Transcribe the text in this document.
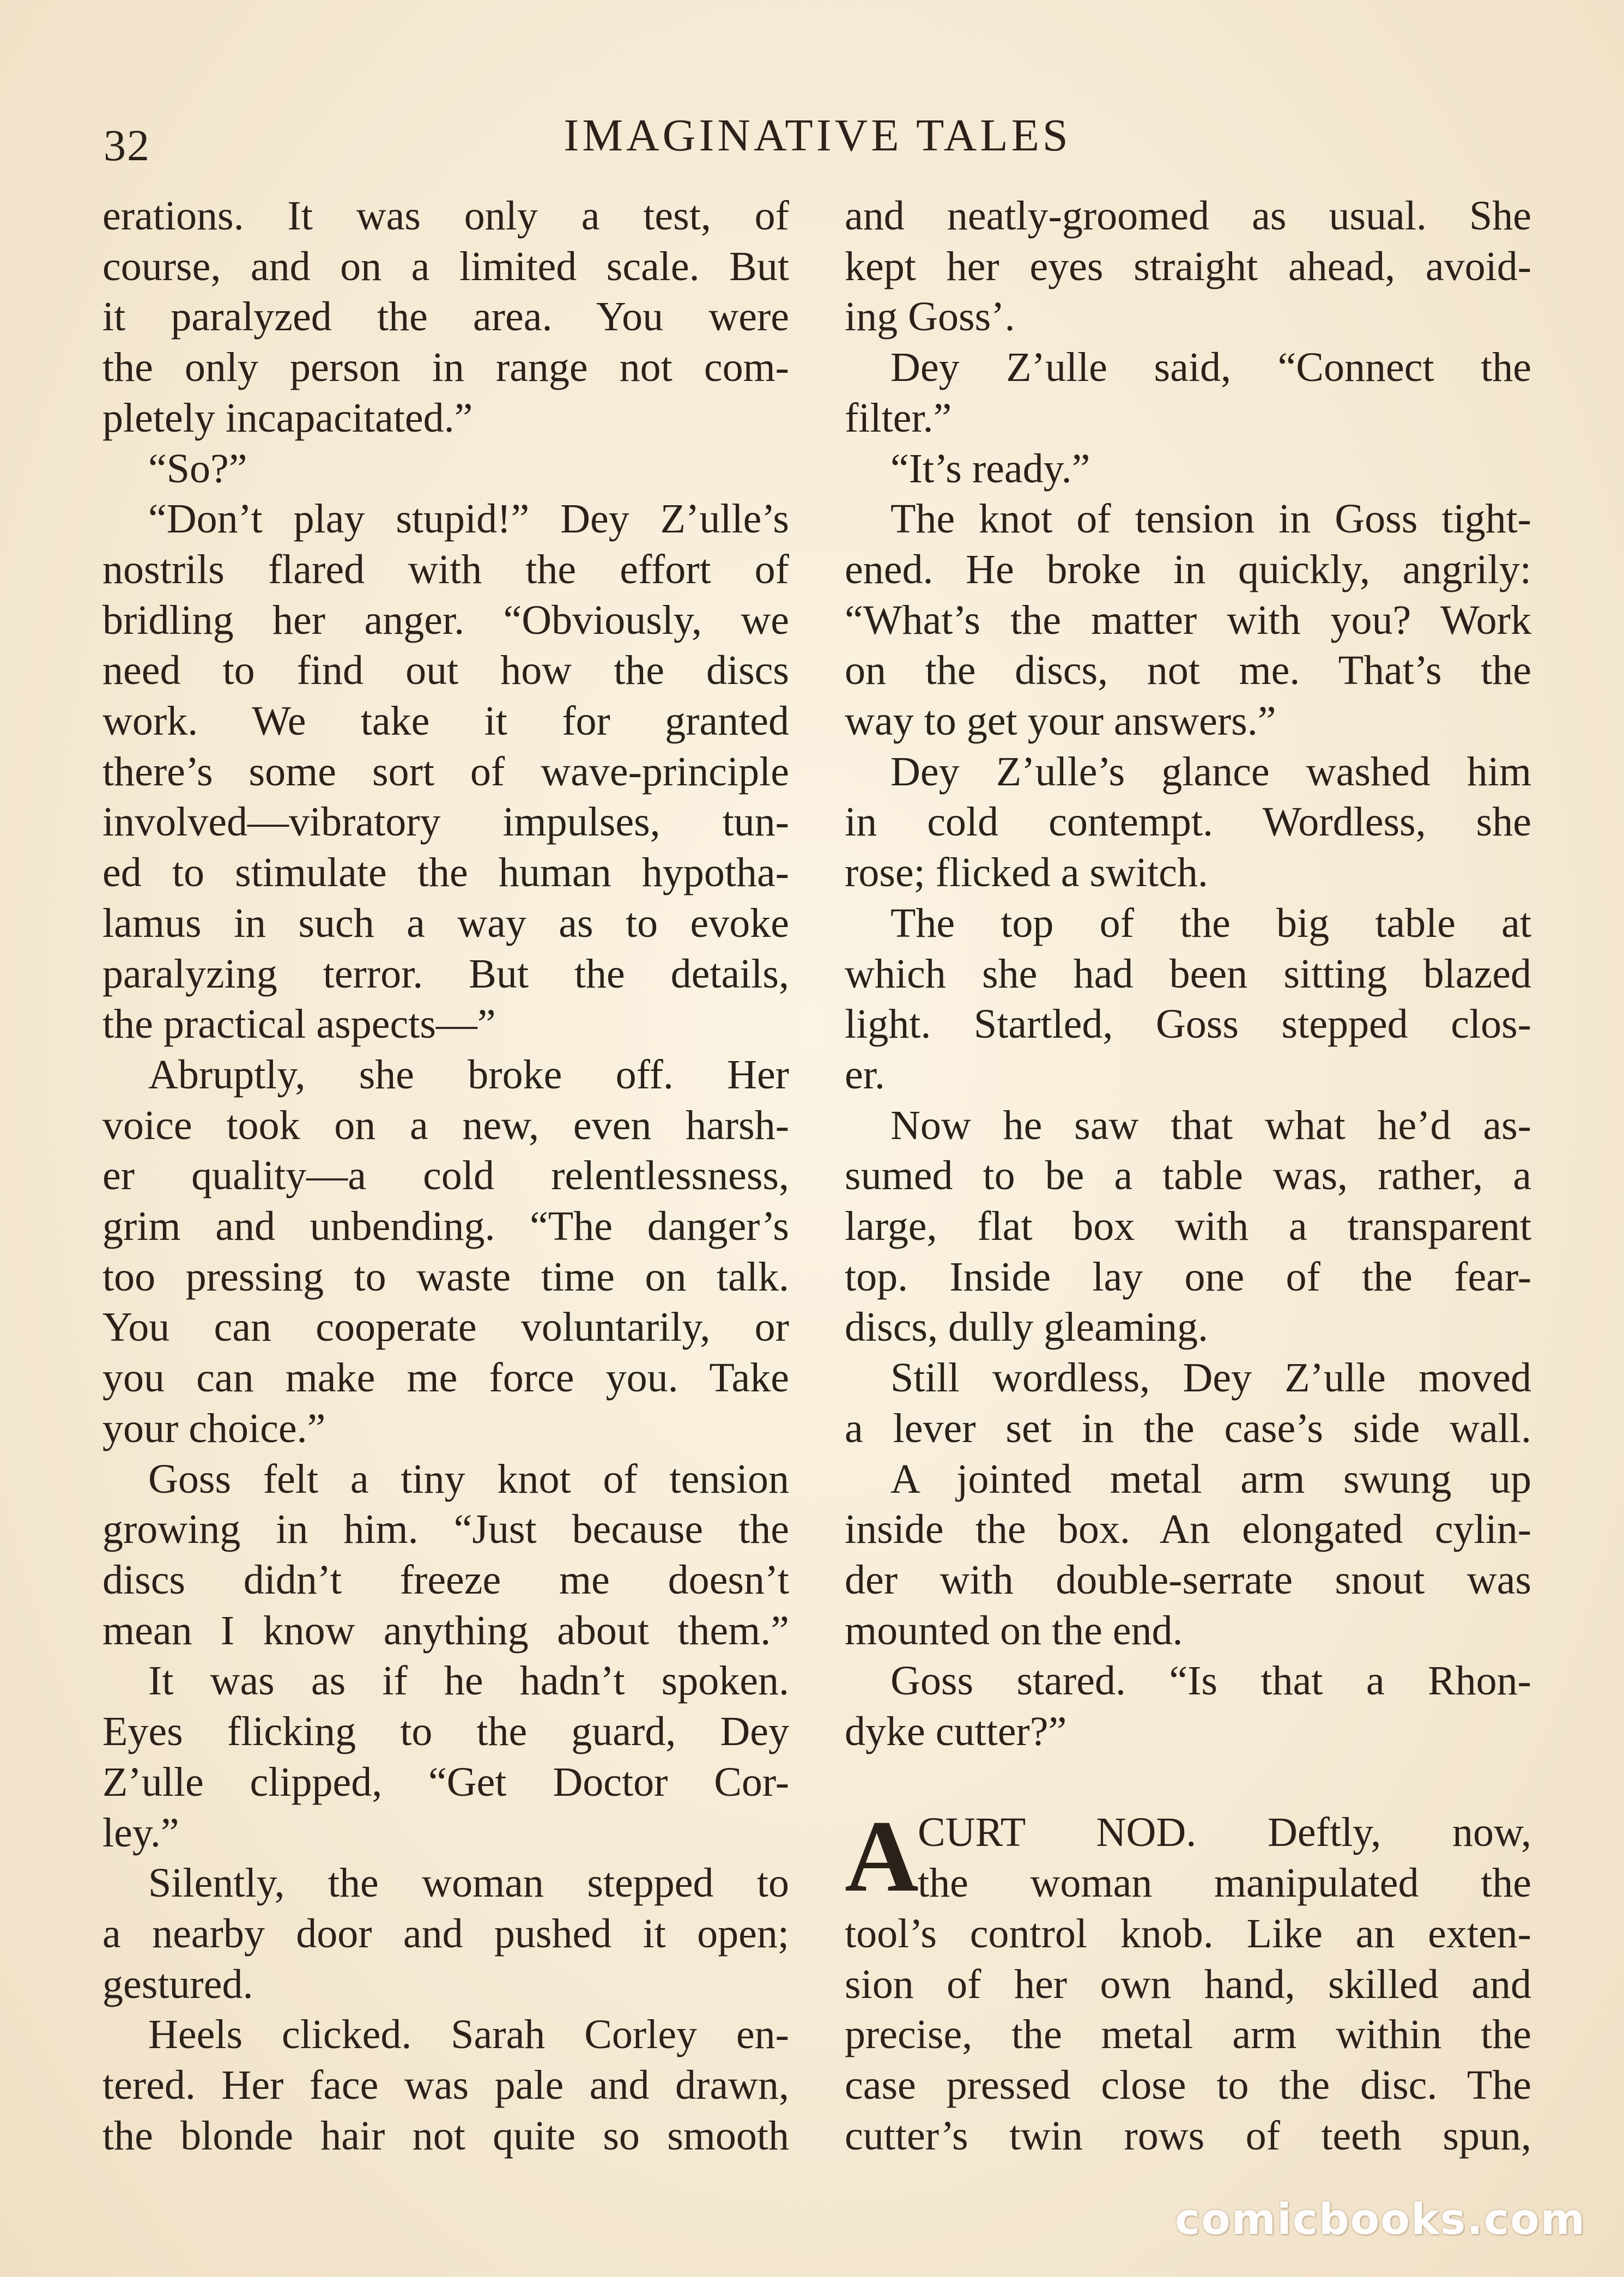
32	IMAGINATIVE TALES
erations. It was only a test, of
course, and on a limited scale. But
it paralyzed the area. You were
the only person in range not com-
pletely incapacitated.”
“So?”
“Don’t play stupid!” Dey Z’ulle’s
nostrils flared with the effort of
bridling her anger. “Obviously, we
need to find out how the discs
work. We take it for granted
there’s some sort of wave-principle
involved—vibratory impulses, tun-
ed to stimulate the human hypotha-
lamus in such a way as to evoke
paralyzing terror. But the details,
the practical aspects—”
Abruptly, she broke off. Her
voice took on a new, even harsh-
er quality—a cold relentlessness,
grim and unbending. “The danger’s
too pressing to waste time on talk.
You can cooperate voluntarily, or
you can make me force you. Take
your choice.”
Goss felt a tiny knot of tension
growing in him. “Just because the
discs didn’t freeze me doesn’t
mean I know anything about them.”
It was as if he hadn’t spoken.
Eyes flicking to the guard, Dey
Z’ulle clipped, “Get Doctor Cor-
ley.”
Silently, the woman stepped to
a nearby door and pushed it open;
gestured.
Heels clicked. Sarah Corley en-
tered. Her face was pale and drawn,
the blonde hair not quite so smooth
and neatly-groomed as usual. She
kept her eyes straight ahead, avoid-
ing Goss’.
Dey Z’ulle said, “Connect the
filter.”
“It’s ready.”
The knot of tension in Goss tight-
ened. He broke in quickly, angrily:
“What’s the matter with you? Work
on the discs, not me. That’s the
way to get your answers.”
Dey Z’ulle’s glance washed him
in cold contempt. Wordless, she
rose; flicked a switch.
The top of the big table at
which she had been sitting blazed
light. Startled, Goss stepped clos-
er.
Now he saw that what he’d as-
sumed to be a table was, rather, a
large, flat box with a transparent
top. Inside lay one of the fear-
discs, dully gleaming.
Still wordless, Dey Z’ulle moved
a lever set in the case’s side wall.
A jointed metal arm swung up
inside the box. An elongated cylin-
der with double-serrate snout was
mounted on the end.
Goss stared. “Is that a Rhon-
dyke cutter?”
A
CURT NOD. Deftly, now,
the woman manipulated the
tool’s control knob. Like an exten-
sion of her own hand, skilled and
precise, the metal arm within the
case pressed close to the disc. The
cutter’s twin rows of teeth spun,
comicbooks.com
